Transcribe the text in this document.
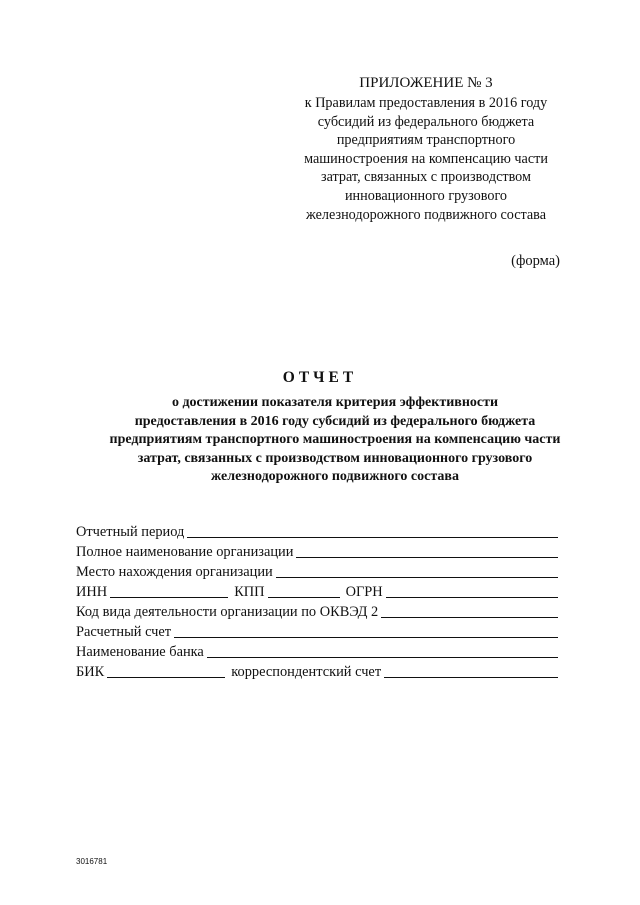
ПРИЛОЖЕНИЕ № 3
к Правилам предоставления в 2016 году
субсидий из федерального бюджета
предприятиям транспортного
машиностроения на компенсацию части
затрат, связанных с производством
инновационного грузового
железнодорожного подвижного состава
(форма)
ОТЧЕТ
о достижении показателя критерия эффективности
предоставления в 2016 году субсидий из федерального бюджета
предприятиям транспортного машиностроения на компенсацию части
затрат, связанных с производством инновационного грузового
железнодорожного подвижного состава
Отчетный период
Полное наименование организации
Место нахождения организации
ИНН	КПП	ОГРН
Код вида деятельности организации по ОКВЭД 2
Расчетный счет
Наименование банка
БИК	корреспондентский счет
3016781
